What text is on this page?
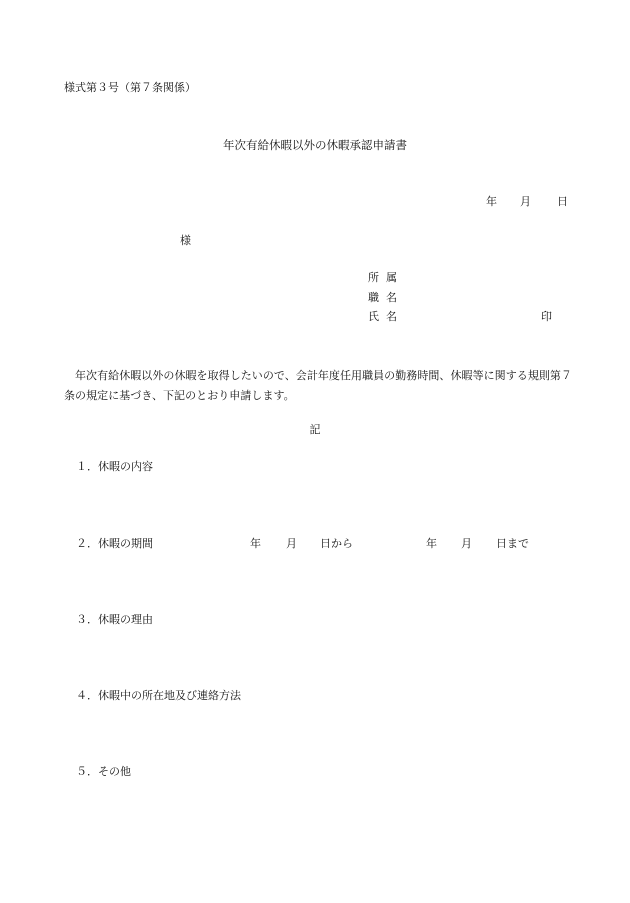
様式第３号（第７条関係）
年次有給休暇以外の休暇承認申請書
年 月 日
様
所属
職名
氏名	印
年次有給休暇以外の休暇を取得したいので、会計年度任用職員の勤務時間、休暇等に関する規則第７条の規定に基づき、下記のとおり申請します。
記
１．休暇の内容
２．休暇の期間	年 月 日から	年 月 日まで
３．休暇の理由
４．休暇中の所在地及び連絡方法
５．その他
